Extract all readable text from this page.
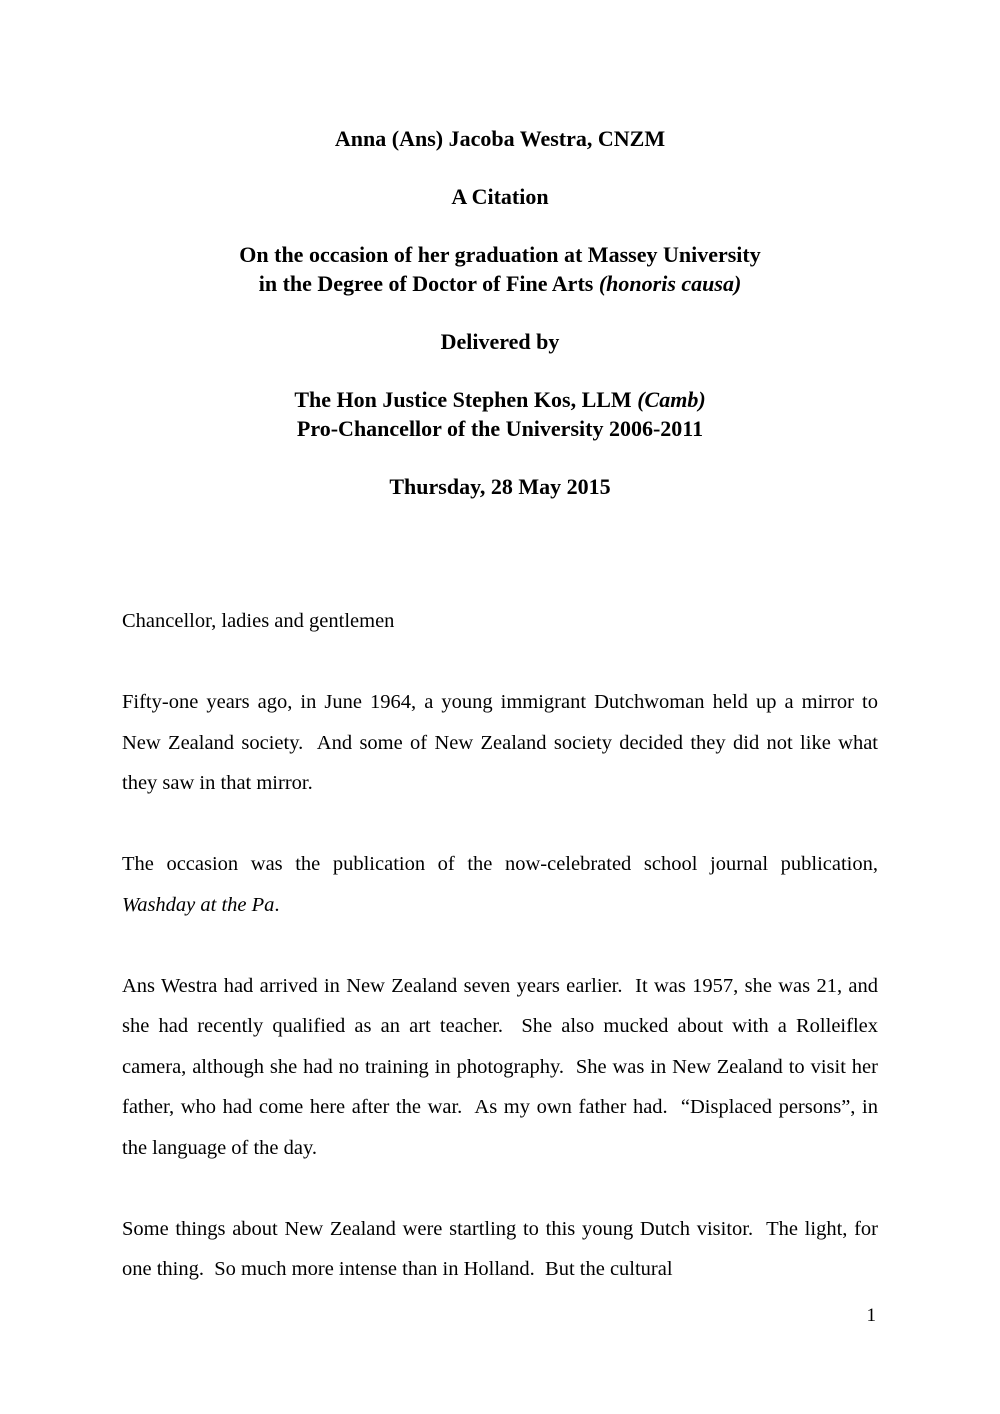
Anna (Ans) Jacoba Westra, CNZM

A Citation

On the occasion of her graduation at Massey University
in the Degree of Doctor of Fine Arts (honoris causa)

Delivered by

The Hon Justice Stephen Kos, LLM (Camb)
Pro-Chancellor of the University 2006-2011

Thursday, 28 May 2015

Chancellor, ladies and gentlemen

Fifty-one years ago, in June 1964, a young immigrant Dutchwoman held up a mirror to New Zealand society.  And some of New Zealand society decided they did not like what they saw in that mirror.

The occasion was the publication of the now-celebrated school journal publication, Washday at the Pa.

Ans Westra had arrived in New Zealand seven years earlier.  It was 1957, she was 21, and she had recently qualified as an art teacher.  She also mucked about with a Rolleiflex camera, although she had no training in photography.  She was in New Zealand to visit her father, who had come here after the war.  As my own father had.  “Displaced persons”, in the language of the day.

Some things about New Zealand were startling to this young Dutch visitor.  The light, for one thing.  So much more intense than in Holland.  But the cultural

1
